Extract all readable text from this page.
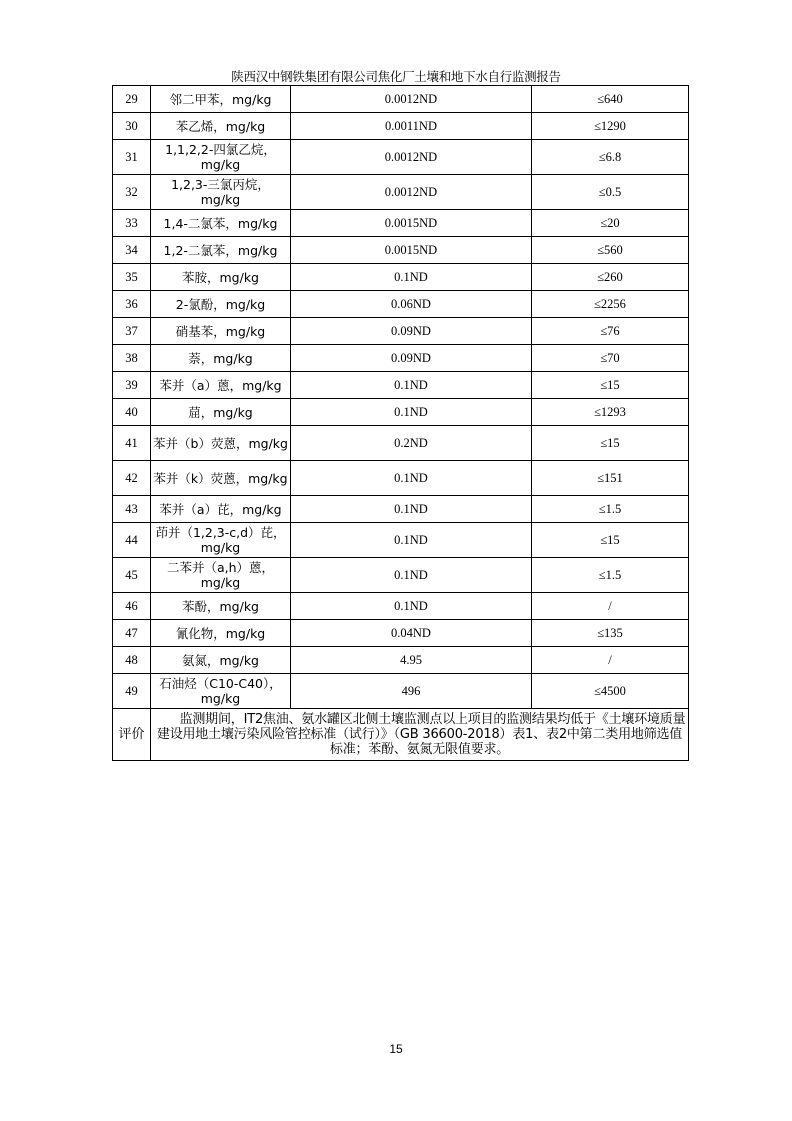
陕西汉中钢铁集团有限公司焦化厂土壤和地下水自行监测报告
29	邻二甲苯，mg/kg	0.0012ND	≤640
30	苯乙烯，mg/kg	0.0011ND	≤1290
31	1,1,2,2-四氯乙烷，mg/kg	0.0012ND	≤6.8
32	1,2,3-三氯丙烷，mg/kg	0.0012ND	≤0.5
33	1,4-二氯苯，mg/kg	0.0015ND	≤20
34	1,2-二氯苯，mg/kg	0.0015ND	≤560
35	苯胺，mg/kg	0.1ND	≤260
36	2-氯酚，mg/kg	0.06ND	≤2256
37	硝基苯，mg/kg	0.09ND	≤76
38	萘，mg/kg	0.09ND	≤70
39	苯并（a）蒽，mg/kg	0.1ND	≤15
40	䓛，mg/kg	0.1ND	≤1293
41	苯并（b）荧蒽，mg/kg	0.2ND	≤15
42	苯并（k）荧蒽，mg/kg	0.1ND	≤151
43	苯并（a）芘，mg/kg	0.1ND	≤1.5
44	茚并（1,2,3-c,d）芘，mg/kg	0.1ND	≤15
45	二苯并（a,h）蒽，mg/kg	0.1ND	≤1.5
46	苯酚，mg/kg	0.1ND	/
47	氰化物，mg/kg	0.04ND	≤135
48	氨氮，mg/kg	4.95	/
49	石油烃（C10-C40），mg/kg	496	≤4500
评价	监测期间，IT2焦油、氨水罐区北侧土壤监测点以上项目的监测结果均低于《土壤环境质量 建设用地土壤污染风险管控标准（试行）》（GB 36600-2018）表1、表2中第二类用地筛选值标准；苯酚、氨氮无限值要求。		
15
